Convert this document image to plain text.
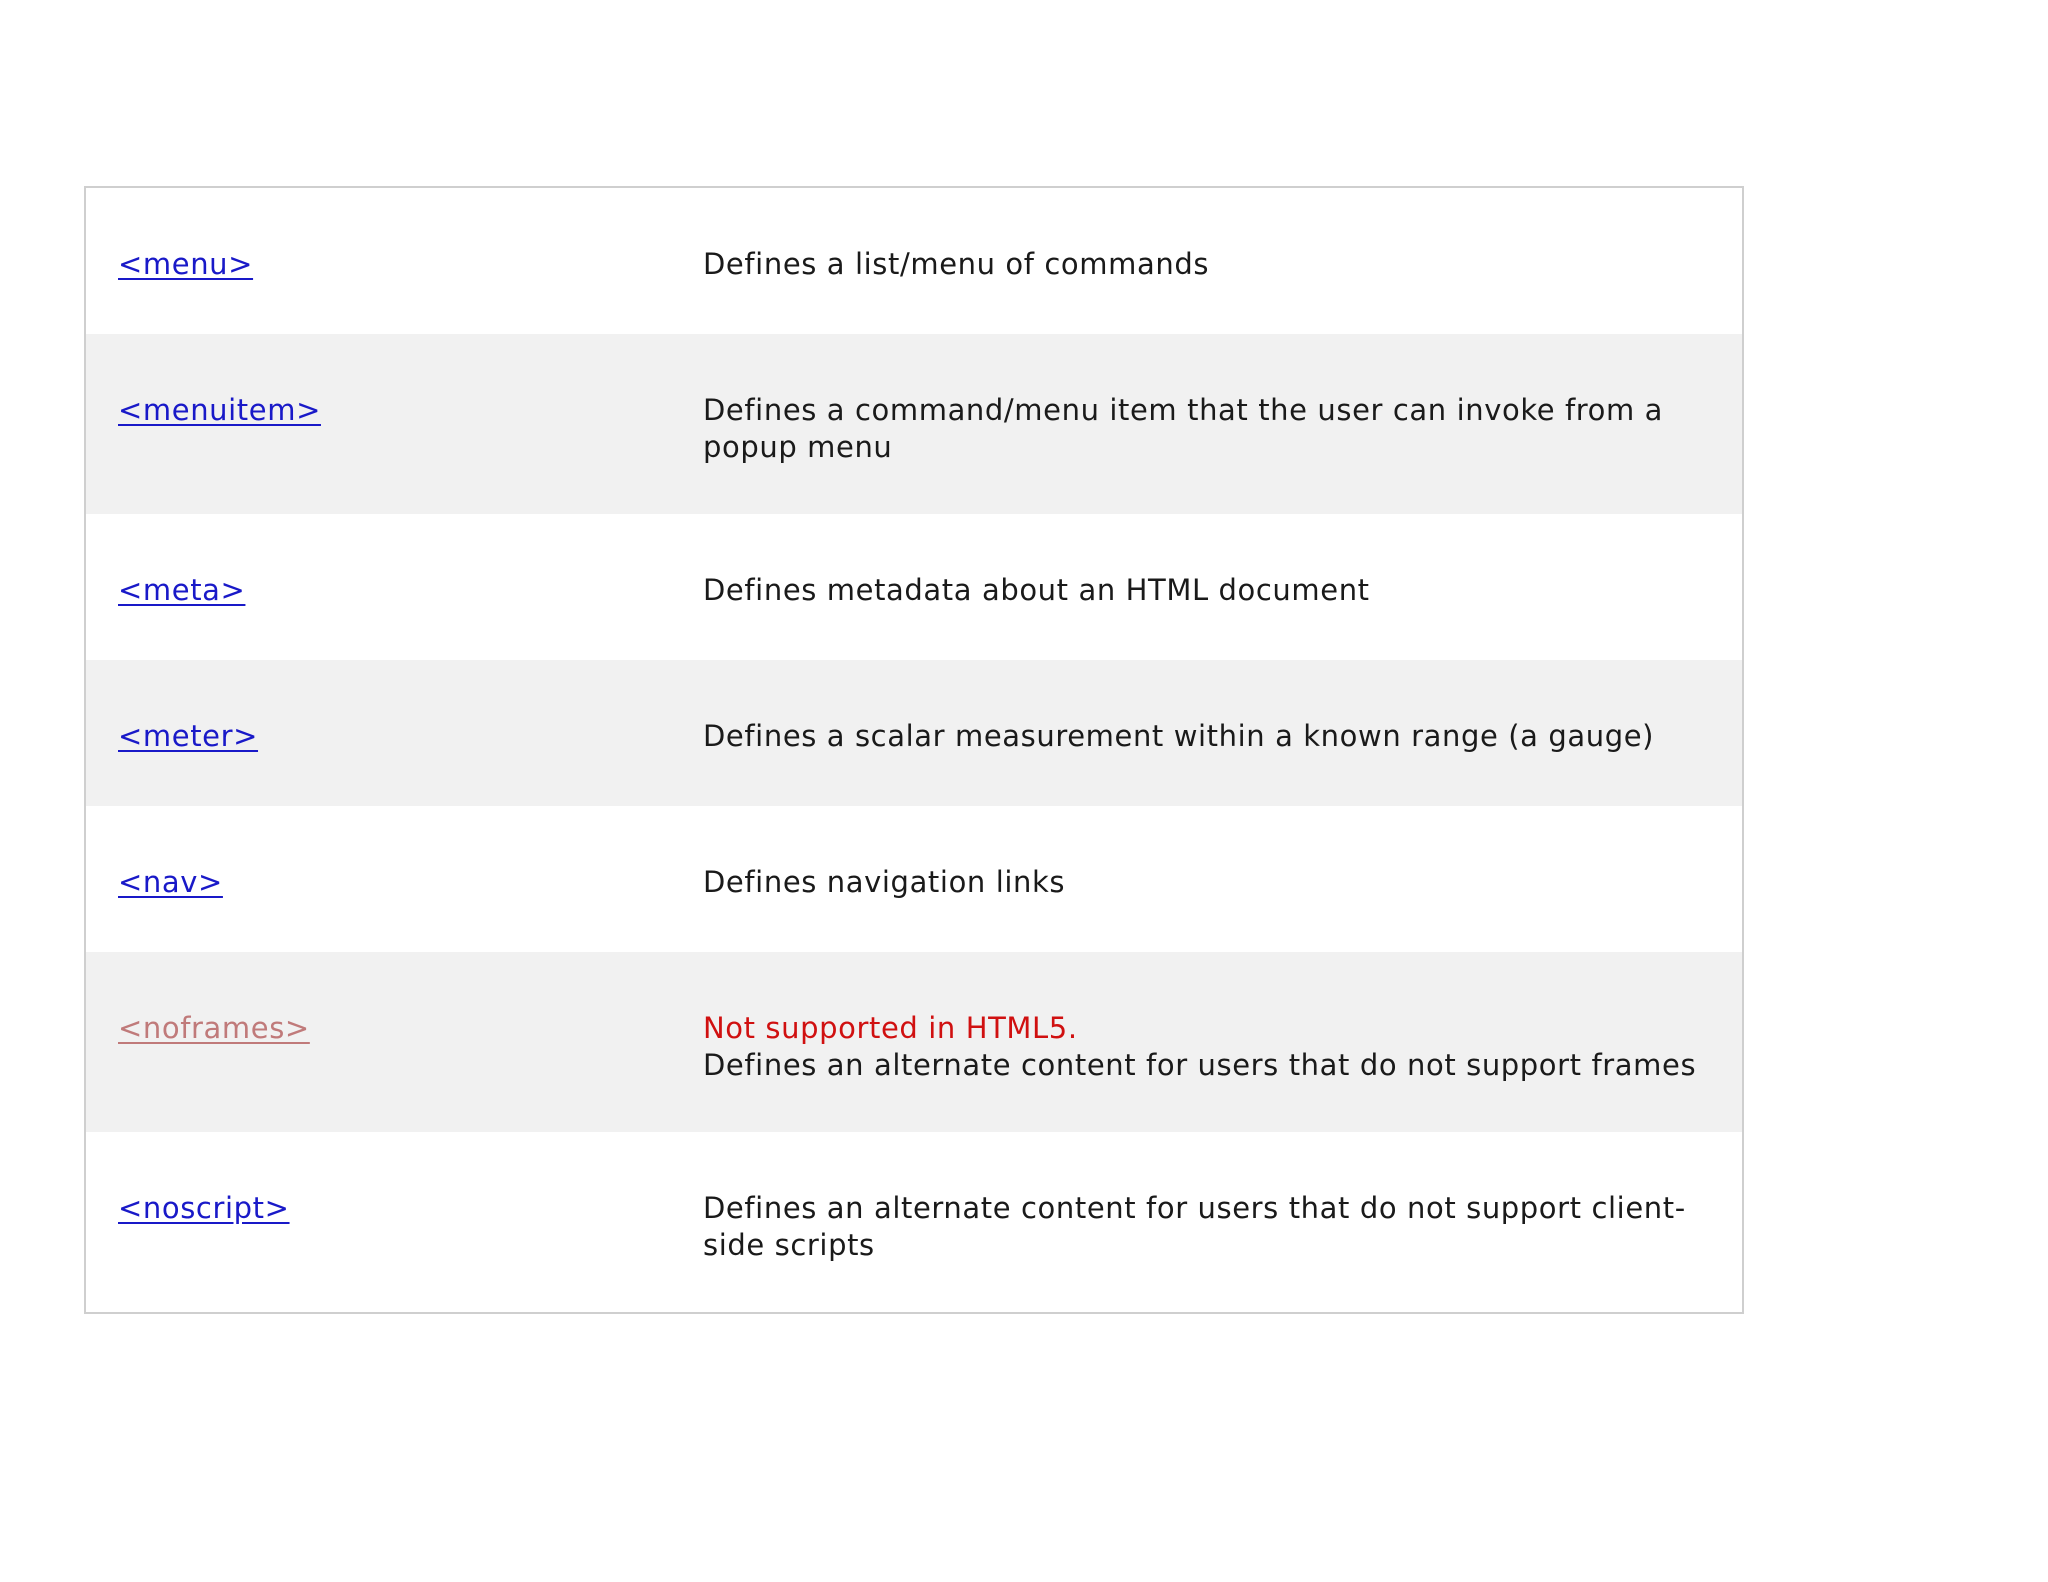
<menu>	Defines a list/menu of commands

<menuitem>	Defines a command/menu item that the user can invoke from a popup menu

<meta>	Defines metadata about an HTML document

<meter>	Defines a scalar measurement within a known range (a gauge)

<nav>	Defines navigation links

<noframes>	Not supported in HTML5.
Defines an alternate content for users that do not support frames

<noscript>	Defines an alternate content for users that do not support client-side scripts
